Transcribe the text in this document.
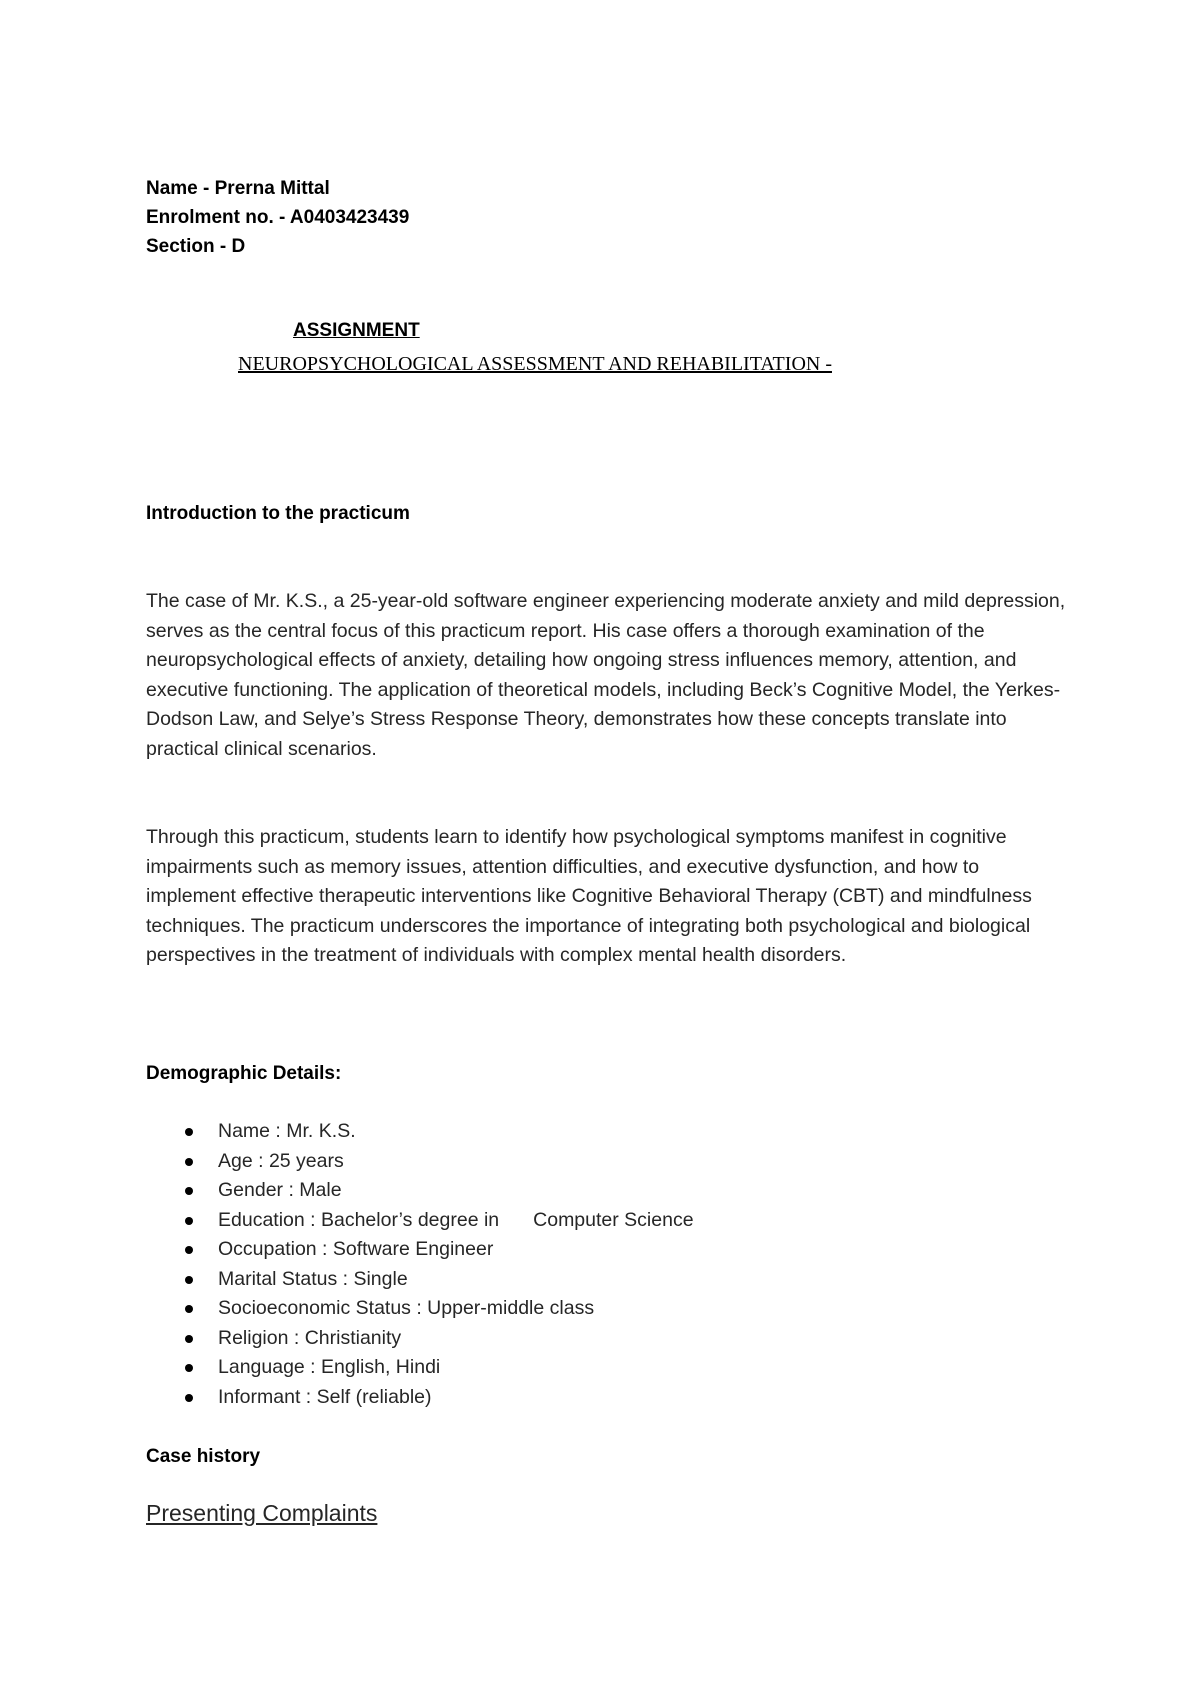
Name - Prerna Mittal

Enrolment no. - A0403423439

Section - D

ASSIGNMENT

NEUROPSYCHOLOGICAL ASSESSMENT AND REHABILITATION -

Introduction to the practicum

The case of Mr. K.S., a 25-year-old software engineer experiencing moderate anxiety and mild depression, serves as the central focus of this practicum report. His case offers a thorough examination of the neuropsychological effects of anxiety, detailing how ongoing stress influences memory, attention, and executive functioning. The application of theoretical models, including Beck’s Cognitive Model, the Yerkes-Dodson Law, and Selye’s Stress Response Theory, demonstrates how these concepts translate into practical clinical scenarios.

Through this practicum, students learn to identify how psychological symptoms manifest in cognitive impairments such as memory issues, attention difficulties, and executive dysfunction, and how to implement effective therapeutic interventions like Cognitive Behavioral Therapy (CBT) and mindfulness techniques. The practicum underscores the importance of integrating both psychological and biological perspectives in the treatment of individuals with complex mental health disorders.

Demographic Details:

Name : Mr. K.S.
Age : 25 years
Gender : Male
Education : Bachelor’s degree in Computer Science
Occupation : Software Engineer
Marital Status : Single
Socioeconomic Status : Upper-middle class
Religion : Christianity
Language : English, Hindi
Informant : Self (reliable)

Case history

Presenting Complaints
